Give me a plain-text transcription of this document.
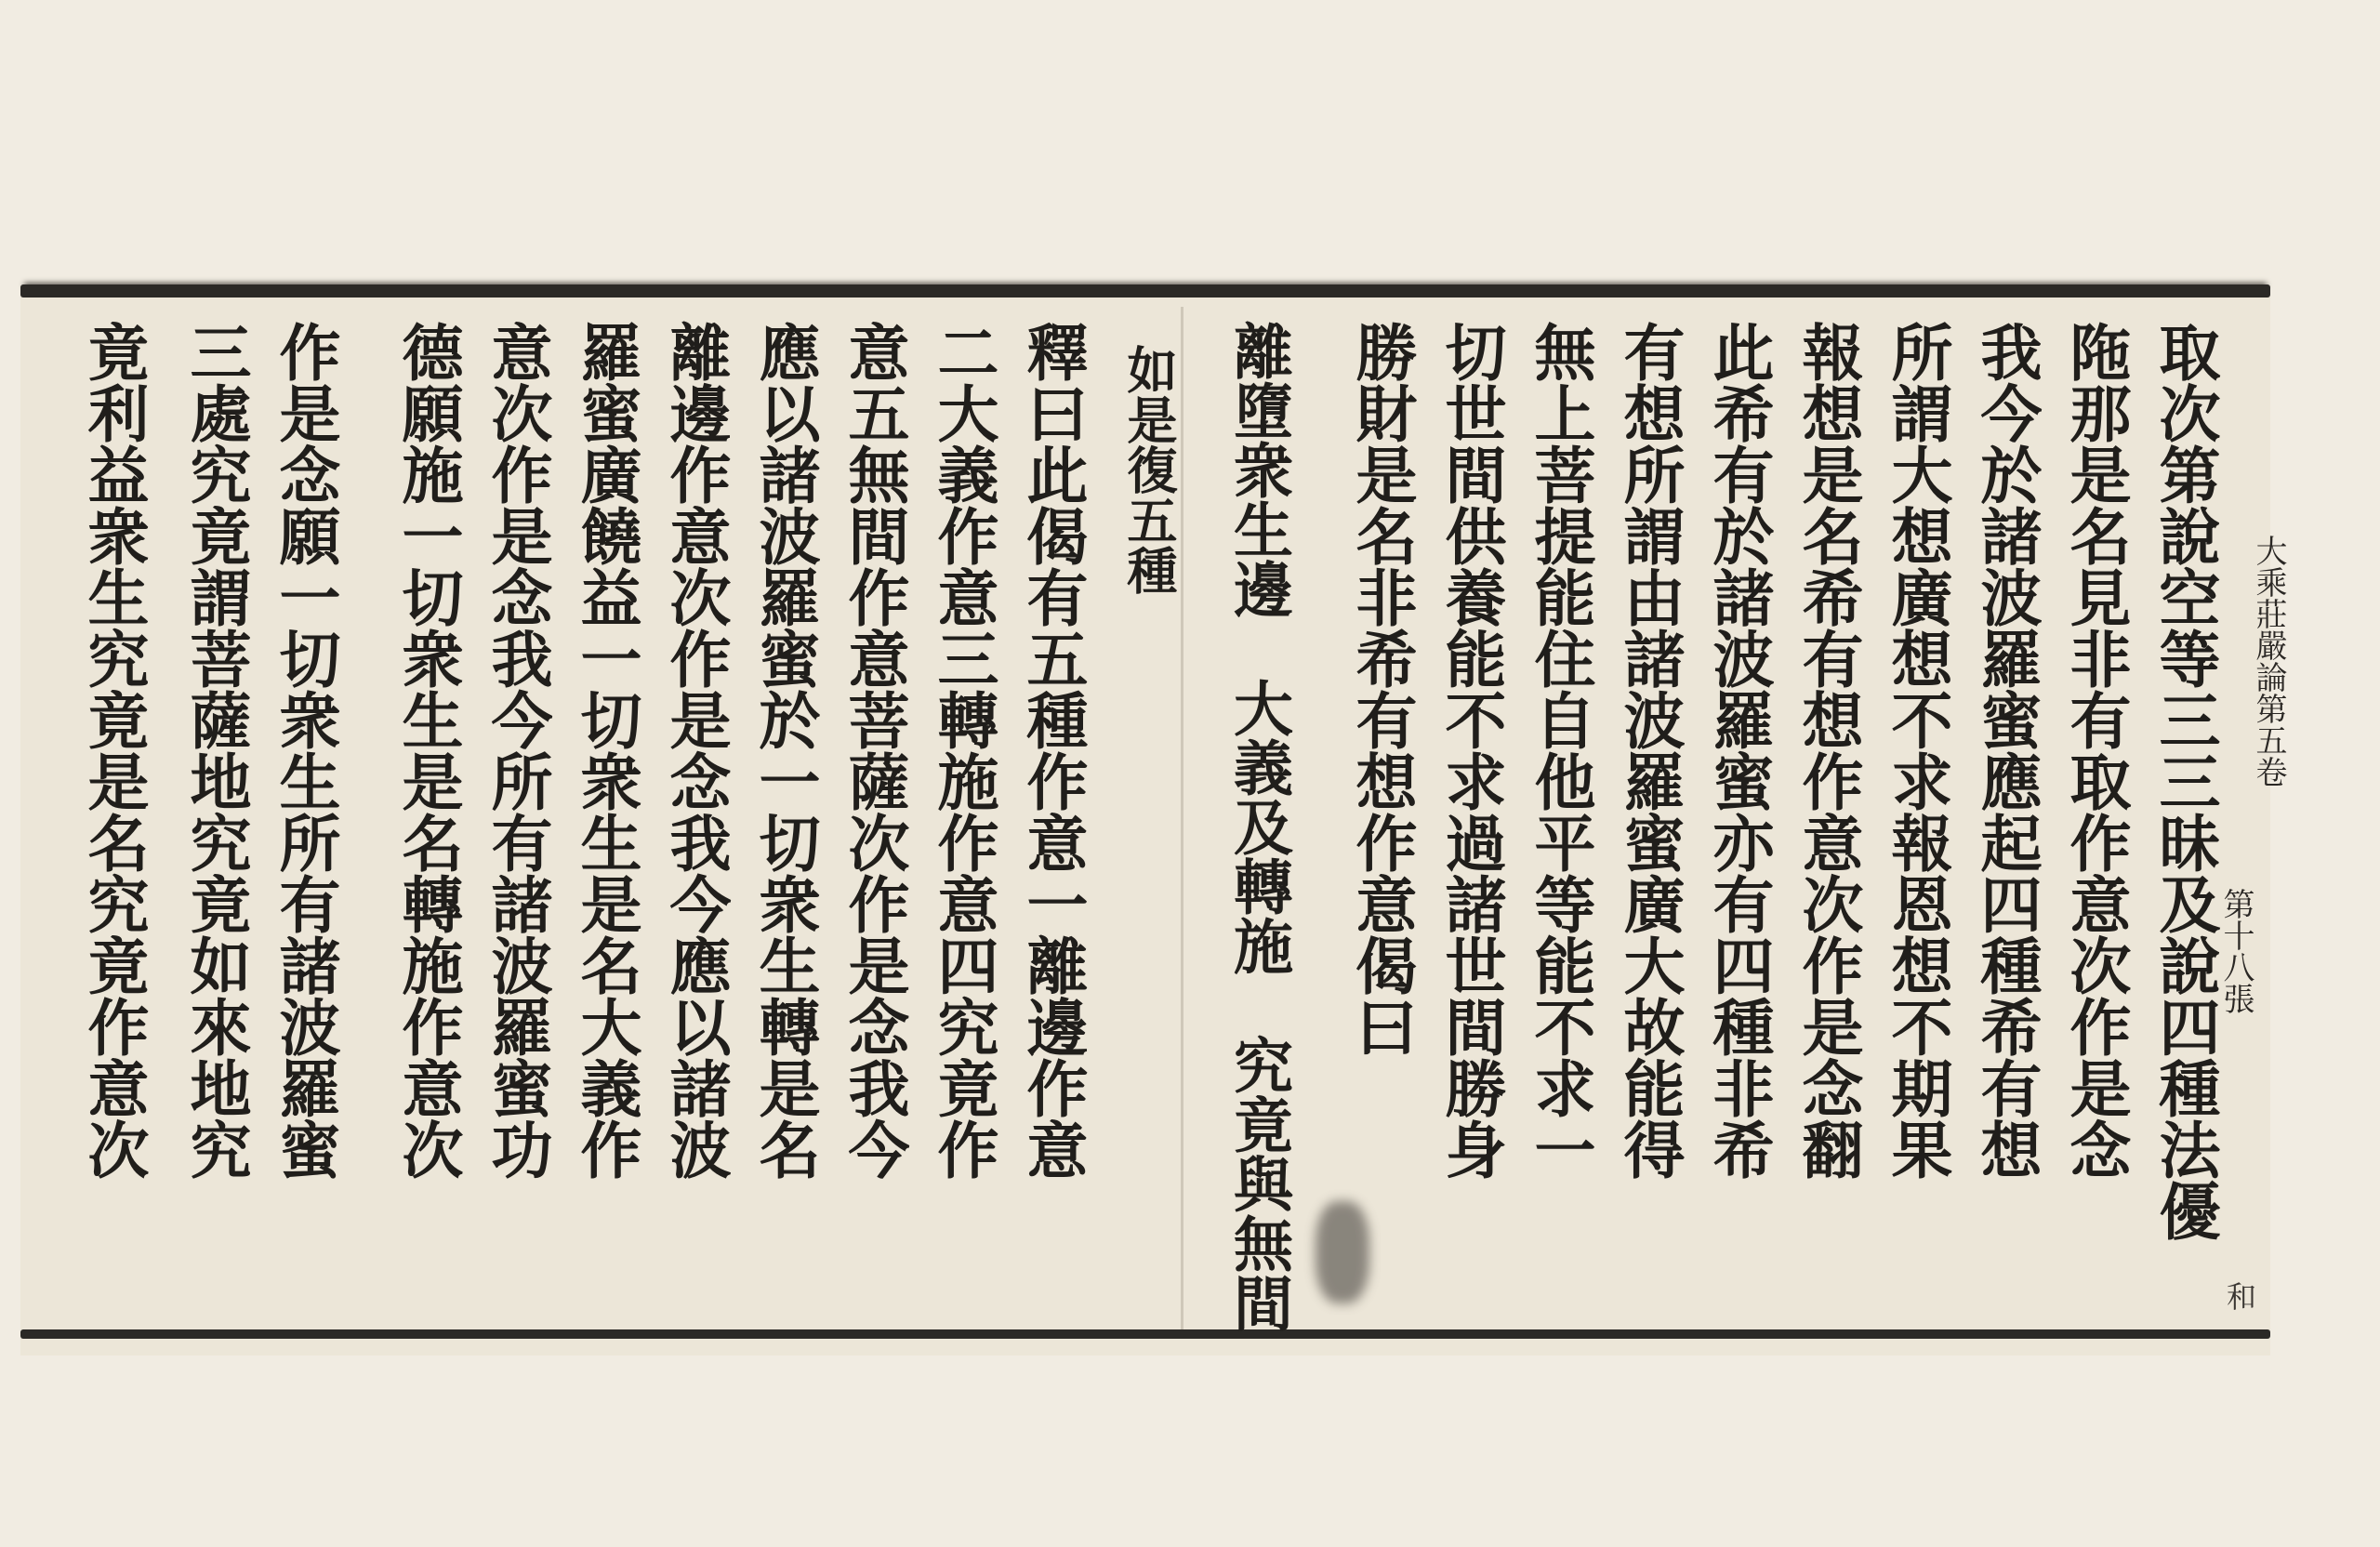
大乘莊嚴論第五卷
第十八張
和
取次第說空等三三昧及說四種法優
陁那是名見非有取作意次作是念
我今於諸波羅蜜應起四種希有想
所謂大想廣想不求報恩想不期果
報想是名希有想作意次作是念翻
此希有於諸波羅蜜亦有四種非希
有想所謂由諸波羅蜜廣大故能得
無上菩提能住自他平等能不求一
切世間供養能不求過諸世間勝身
勝財是名非希有想作意偈曰
離墮衆生邊　大義及轉施　究竟與無間
如是復五種
釋曰此偈有五種作意一離邊作意
二大義作意三轉施作意四究竟作
意五無間作意菩薩次作是念我今
應以諸波羅蜜於一切衆生轉是名
離邊作意次作是念我今應以諸波
羅蜜廣饒益一切衆生是名大義作
意次作是念我今所有諸波羅蜜功
德願施一切衆生是名轉施作意次
作是念願一切衆生所有諸波羅蜜
三處究竟謂菩薩地究竟如來地究
竟利益衆生究竟是名究竟作意次
